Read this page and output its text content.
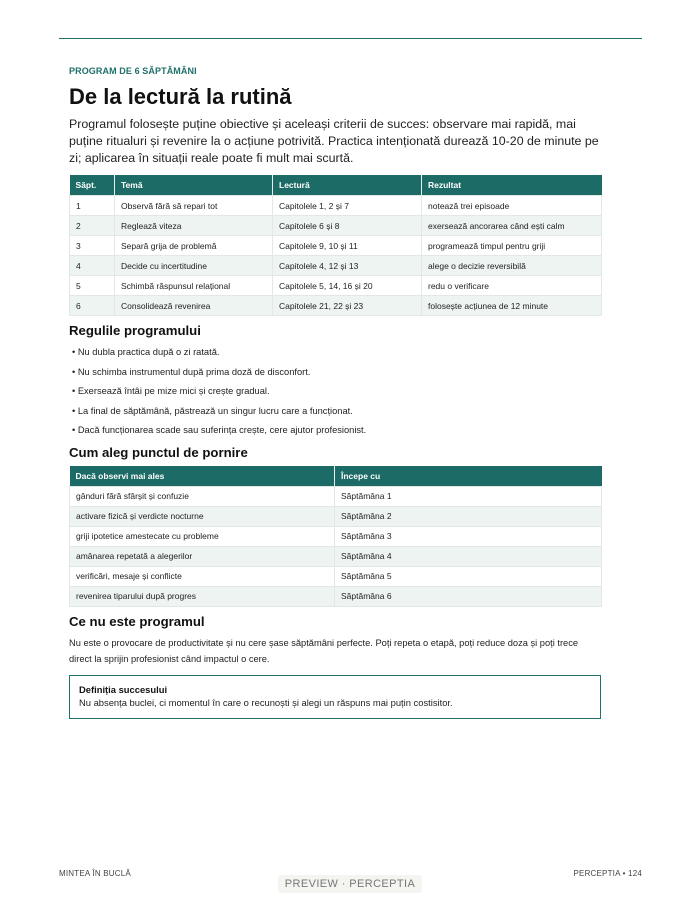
PROGRAM DE 6 SĂPTĂMÂNI
De la lectură la rutină

Programul folosește puține obiective și aceleași criterii de succes: observare mai rapidă, mai puține ritualuri și revenire la o acțiune potrivită. Practica intenționată durează 10-20 de minute pe zi; aplicarea în situații reale poate fi mult mai scurtă.

Săpt.	Temă	Lectură	Rezultat
1	Observă fără să repari tot	Capitolele 1, 2 și 7	notează trei episoade
2	Reglează viteza	Capitolele 6 și 8	exersează ancorarea când ești calm
3	Separă grija de problemă	Capitolele 9, 10 și 11	programează timpul pentru griji
4	Decide cu incertitudine	Capitolele 4, 12 și 13	alege o decizie reversibilă
5	Schimbă răspunsul relațional	Capitolele 5, 14, 16 și 20	redu o verificare
6	Consolidează revenirea	Capitolele 21, 22 și 23	folosește acțiunea de 12 minute
Regulile programului
• Nu dubla practica după o zi ratată.
• Nu schimba instrumentul după prima doză de disconfort.
• Exersează întâi pe mize mici și crește gradual.
• La final de săptămână, păstrează un singur lucru care a funcționat.
• Dacă funcționarea scade sau suferința crește, cere ajutor profesionist.
Cum aleg punctul de pornire
Dacă observi mai ales	Începe cu
gânduri fără sfârșit și confuzie	Săptămâna 1
activare fizică și verdicte nocturne	Săptămâna 2
griji ipotetice amestecate cu probleme	Săptămâna 3
amânarea repetată a alegerilor	Săptămâna 4
verificări, mesaje și conflicte	Săptămâna 5
revenirea tiparului după progres	Săptămâna 6
Ce nu este programul

Nu este o provocare de productivitate și nu cere șase săptămâni perfecte. Poți repeta o etapă, poți reduce doza și poți trece direct la sprijin profesionist când impactul o cere.

Definiția succesului
Nu absența buclei, ci momentul în care o recunoști și alegi un răspuns mai puțin costisitor.
MINTEA ÎN BUCLĂ	PERCEPTIA • 124
PREVIEW · PERCEPTIA
